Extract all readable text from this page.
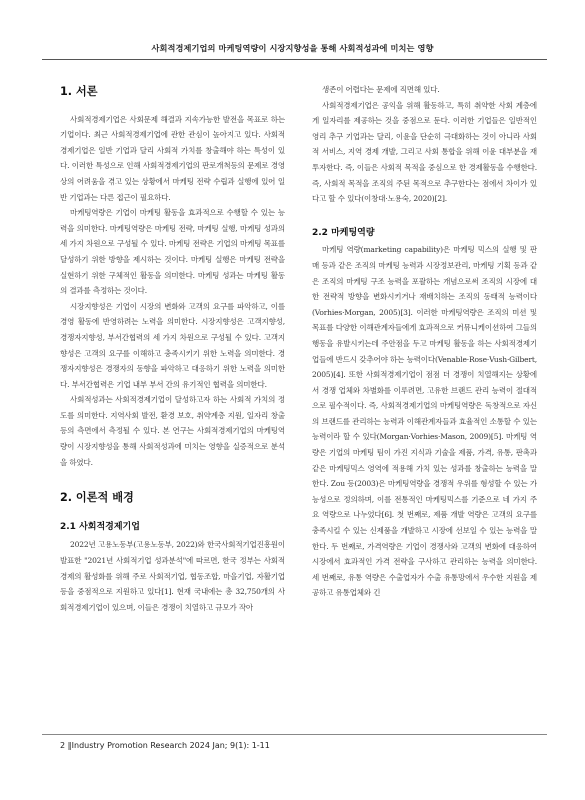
사회적경제기업의 마케팅역량이 시장지향성을 통해 사회적성과에 미치는 영향
1. 서론

사회적경제기업은 사회문제 해결과 지속가능한 발전을 목표로 하는 기업이다. 최근 사회적경제기업에 관한 관심이 높아지고 있다. 사회적경제기업은 일반 기업과 달리 사회적 가치를 창출해야 하는 특성이 있다. 이러한 특성으로 인해 사회적경제기업의 판로개척등의 문제로 경영상의 어려움을 겪고 있는 상황에서 마케팅 전략 수립과 실행에 있어 일반 기업과는 다른 접근이 필요하다.

마케팅역량은 기업이 마케팅 활동을 효과적으로 수행할 수 있는 능력을 의미한다. 마케팅역량은 마케팅 전략, 마케팅 실행, 마케팅 성과의 세 가지 차원으로 구성될 수 있다. 마케팅 전략은 기업의 마케팅 목표를 달성하기 위한 방향을 제시하는 것이다. 마케팅 실행은 마케팅 전략을 실현하기 위한 구체적인 활동을 의미한다. 마케팅 성과는 마케팅 활동의 결과를 측정하는 것이다.

시장지향성은 기업이 시장의 변화와 고객의 요구를 파악하고, 이를 경영 활동에 반영하려는 노력을 의미한다. 시장지향성은 고객지향성, 경쟁자지향성, 부서간협력의 세 가지 차원으로 구성될 수 있다. 고객지향성은 고객의 요구를 이해하고 충족시키기 위한 노력을 의미한다. 경쟁자지향성은 경쟁자의 동향을 파악하고 대응하기 위한 노력을 의미한다. 부서간협력은 기업 내부 부서 간의 유기적인 협력을 의미한다.

사회적성과는 사회적경제기업이 달성하고자 하는 사회적 가치의 정도를 의미한다. 지역사회 발전, 환경 보호, 취약계층 지원, 일자리 창출 등의 측면에서 측정될 수 있다. 본 연구는 사회적경제기업의 마케팅역량이 시장지향성을 통해 사회적성과에 미치는 영향을 실증적으로 분석을 하였다.

2. 이론적 배경
2.1 사회적경제기업

2022년 고용노동부(고용노동부, 2022)와 한국사회적기업진흥원이 발표한 "2021년 사회적기업 성과분석"에 따르면, 한국 정부는 사회적경제의 활성화를 위해 주로 사회적기업, 협동조합, 마을기업, 자활기업 등을 중점적으로 지원하고 있다[1]. 현재 국내에는 총 32,750개의 사회적경제기업이 있으며, 이들은 경쟁이 치열하고 규모가 작아

생존이 어렵다는 문제에 직면해 있다.

사회적경제기업은 공익을 위해 활동하고, 특히 취약한 사회 계층에게 일자리를 제공하는 것을 중점으로 둔다. 이러한 기업들은 일반적인 영리 추구 기업과는 달리, 이윤을 단순히 극대화하는 것이 아니라 사회적 서비스, 지역 경제 개발, 그리고 사회 통합을 위해 이윤 대부분을 재투자한다. 즉, 이들은 사회적 목적을 중심으로 한 경제활동을 수행한다. 즉, 사회적 목적을 조직의 주된 목적으로 추구한다는 점에서 차이가 있다고 할 수 있다(이창대·노용숙, 2020)[2].

2.2 마케팅역량

마케팅 역량(marketing capability)은 마케팅 믹스의 실행 및 판매 등과 같은 조직의 마케팅 능력과 시장정보관리, 마케팅 기획 등과 같은 조직의 마케팅 구조 능력을 포괄하는 개념으로써 조직의 시장에 대한 전략적 방향을 변화시키거나 재배치하는 조직의 동태적 능력이다(Vorhies·Morgan, 2005)[3]. 이러한 마케팅역량은 조직의 미션 및 목표를 다양한 이해관계자들에게 효과적으로 커뮤니케이션하여 그들의 행동을 유발시키는데 주안점을 두고 마케팅 활동을 하는 사회적경제기업들에 반드시 갖추어야 하는 능력이다(Venable·Rose·Vush·Gilbert, 2005)[4]. 또한 사회적경제기업이 점점 더 경쟁이 치열해지는 상황에서 경쟁 업체와 차별화를 이루려면, 고유한 브랜드 관리 능력이 절대적으로 필수적이다. 즉, 사회적경제기업의 마케팅역량은 독창적으로 자신의 브랜드를 관리하는 능력과 이해관계자들과 효율적인 소통할 수 있는 능력이라 할 수 있다(Morgan·Vorhies·Mason, 2009)[5]. 마케팅 역량은 기업의 마케팅 팀이 가진 지식과 기술을 제품, 가격, 유통, 판촉과 같은 마케팅믹스 영역에 적용해 가치 있는 성과를 창출하는 능력을 말한다. Zou 등(2003)은 마케팅역량을 경쟁적 우위를 형성할 수 있는 가능성으로 정의하며, 이를 전통적인 마케팅믹스를 기준으로 네 가지 주요 역량으로 나누었다[6]. 첫 번째로, 제품 개발 역량은 고객의 요구를 충족시킬 수 있는 신제품을 개발하고 시장에 선보일 수 있는 능력을 말한다. 두 번째로, 가격역량은 기업이 경쟁사와 고객의 변화에 대응하여 시장에서 효과적인 가격 전략을 구사하고 관리하는 능력을 의미한다. 세 번째로, 유통 역량은 수출업자가 수출 유통망에서 우수한 지원을 제공하고 유통업체와 긴

2 ‖Industry Promotion Research 2024 Jan; 9(1): 1-11
